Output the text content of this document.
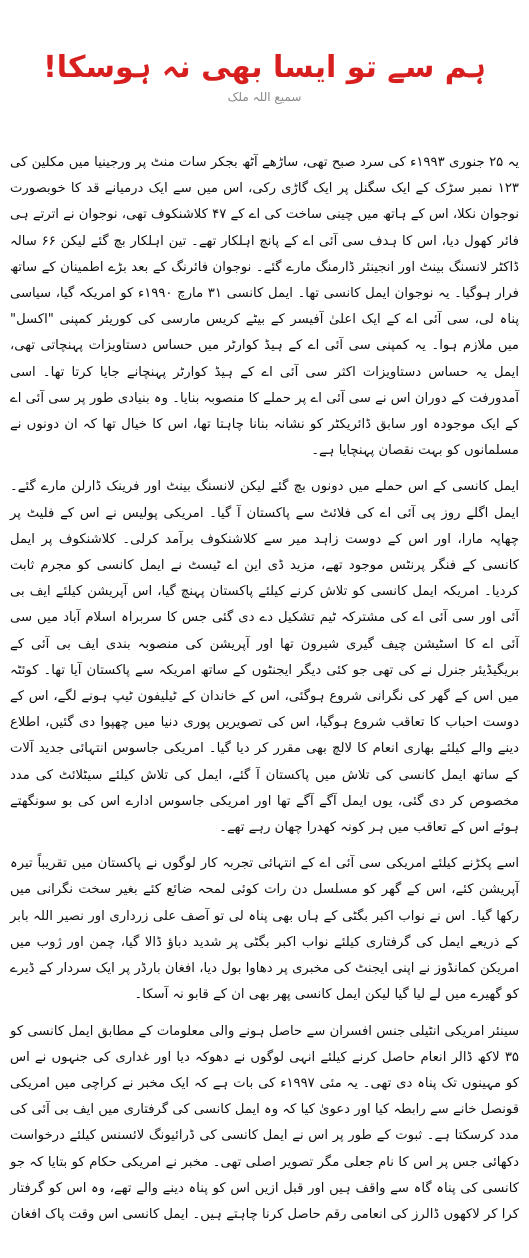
ہم سے تو ایسا بھی نہ ہوسکا!
سمیع اللہ ملک

یہ ۲۵ جنوری ۱۹۹۳ء کی سرد صبح تھی، ساڑھے آٹھ بجکر سات منٹ پر ورجینیا میں مکلین کی ۱۲۳ نمبر سڑک کے ایک سگنل پر ایک گاڑی رکی، اس میں سے ایک درمیانے قد کا خوبصورت نوجوان نکلا، اس کے ہاتھ میں چینی ساخت کی اے کے ۴۷ کلاشنکوف تھی، نوجوان نے اترتے ہی فائر کھول دیا، اس کا ہدف سی آئی اے کے پانچ اہلکار تھے۔ تین اہلکار بچ گئے لیکن ۶۶ سالہ ڈاکٹر لانسنگ بینٹ اور انجینئر ڈارمنگ مارے گئے۔ نوجوان فائرنگ کے بعد بڑے اطمینان کے ساتھ فرار ہوگیا۔ یہ نوجوان ایمل کانسی تھا۔ ایمل کانسی ۳۱ مارچ ۱۹۹۰ء کو امریکہ گیا، سیاسی پناہ لی، سی آئی اے کے ایک اعلیٰ آفیسر کے بیٹے کریس مارسی کی کوریئر کمپنی "اکسل" میں ملازم ہوا۔ یہ کمپنی سی آئی اے کے ہیڈ کوارٹر میں حساس دستاویزات پہنچاتی تھی، ایمل یہ حساس دستاویزات اکثر سی آئی اے کے ہیڈ کوارٹر پہنچانے جایا کرتا تھا۔ اسی آمدورفت کے دوران اس نے سی آئی اے پر حملے کا منصوبہ بنایا۔ وہ بنیادی طور پر سی آئی اے کے ایک موجودہ اور سابق ڈائریکٹر کو نشانہ بنانا چاہتا تھا، اس کا خیال تھا کہ ان دونوں نے مسلمانوں کو بہت نقصان پہنچایا ہے۔

ایمل کانسی کے اس حملے میں دونوں بچ گئے لیکن لانسنگ بینٹ اور فرینک ڈارلن مارے گئے۔ ایمل اگلے روز پی آئی اے کی فلائٹ سے پاکستان آ گیا۔ امریکی پولیس نے اس کے فلیٹ پر چھاپہ مارا، اور اس کے دوست زاہد میر سے کلاشنکوف برآمد کرلی۔ کلاشنکوف پر ایمل کانسی کے فنگر پرنٹس موجود تھے، مزید ڈی این اے ٹیسٹ نے ایمل کانسی کو مجرم ثابت کردیا۔ امریکہ ایمل کانسی کو تلاش کرنے کیلئے پاکستان پہنچ گیا، اس آپریشن کیلئے ایف بی آئی اور سی آئی اے کی مشترکہ ٹیم تشکیل دے دی گئی جس کا سربراہ اسلام آباد میں سی آئی اے کا اسٹیشن چیف گیری شیرون تھا اور آپریشن کی منصوبہ بندی ایف بی آئی کے بریگیڈیئر جنرل نے کی تھی جو کئی دیگر ایجنٹوں کے ساتھ امریکہ سے پاکستان آیا تھا۔ کوئٹہ میں اس کے گھر کی نگرانی شروع ہوگئی، اس کے خاندان کے ٹیلیفون ٹیپ ہونے لگے، اس کے دوست احباب کا تعاقب شروع ہوگیا، اس کی تصویریں پوری دنیا میں چھپوا دی گئیں، اطلاع دینے والے کیلئے بھاری انعام کا لالچ بھی مقرر کر دیا گیا۔ امریکی جاسوس انتہائی جدید آلات کے ساتھ ایمل کانسی کی تلاش میں پاکستان آ گئے، ایمل کی تلاش کیلئے سیٹلائٹ کی مدد مخصوص کر دی گئی، یوں ایمل آگے آگے تھا اور امریکی جاسوس ادارے اس کی بو سونگھتے ہوئے اس کے تعاقب میں ہر کونہ کھدرا چھان رہے تھے۔

اسے پکڑنے کیلئے امریکی سی آئی اے کے انتہائی تجربہ کار لوگوں نے پاکستان میں تقریباً تیرہ آپریشن کئے، اس کے گھر کو مسلسل دن رات کوئی لمحہ ضائع کئے بغیر سخت نگرانی میں رکھا گیا۔ اس نے نواب اکبر بگٹی کے ہاں بھی پناہ لی تو آصف علی زرداری اور نصیر اللہ بابر کے ذریعے ایمل کی گرفتاری کیلئے نواب اکبر بگٹی پر شدید دباؤ ڈالا گیا، چمن اور ژوب میں امریکن کمانڈوز نے اپنی ایجنٹ کی مخبری پر دھاوا بول دیا، افغان بارڈر پر ایک سردار کے ڈیرے کو گھیرے میں لے لیا گیا لیکن ایمل کانسی پھر بھی ان کے قابو نہ آسکا۔

سینئر امریکی انٹیلی جنس افسران سے حاصل ہونے والی معلومات کے مطابق ایمل کانسی کو ۳۵ لاکھ ڈالر انعام حاصل کرنے کیلئے انہی لوگوں نے دھوکہ دیا اور غداری کی جنہوں نے اس کو مہینوں تک پناہ دی تھی۔ یہ مئی ۱۹۹۷ء کی بات ہے کہ ایک مخبر نے کراچی میں امریکی قونصل خانے سے رابطہ کیا اور دعویٰ کیا کہ وہ ایمل کانسی کی گرفتاری میں ایف بی آئی کی مدد کرسکتا ہے۔ ثبوت کے طور پر اس نے ایمل کانسی کی ڈرائیونگ لائسنس کیلئے درخواست دکھائی جس پر اس کا نام جعلی مگر تصویر اصلی تھی۔ مخبر نے امریکی حکام کو بتایا کہ جو کانسی کی پناہ گاہ سے واقف ہیں اور قبل ازیں اس کو پناہ دینے والے تھے، وہ اس کو گرفتار کرا کر لاکھوں ڈالرز کی انعامی رقم حاصل کرنا چاہتے ہیں۔ ایمل کانسی اس وقت پاک افغان
